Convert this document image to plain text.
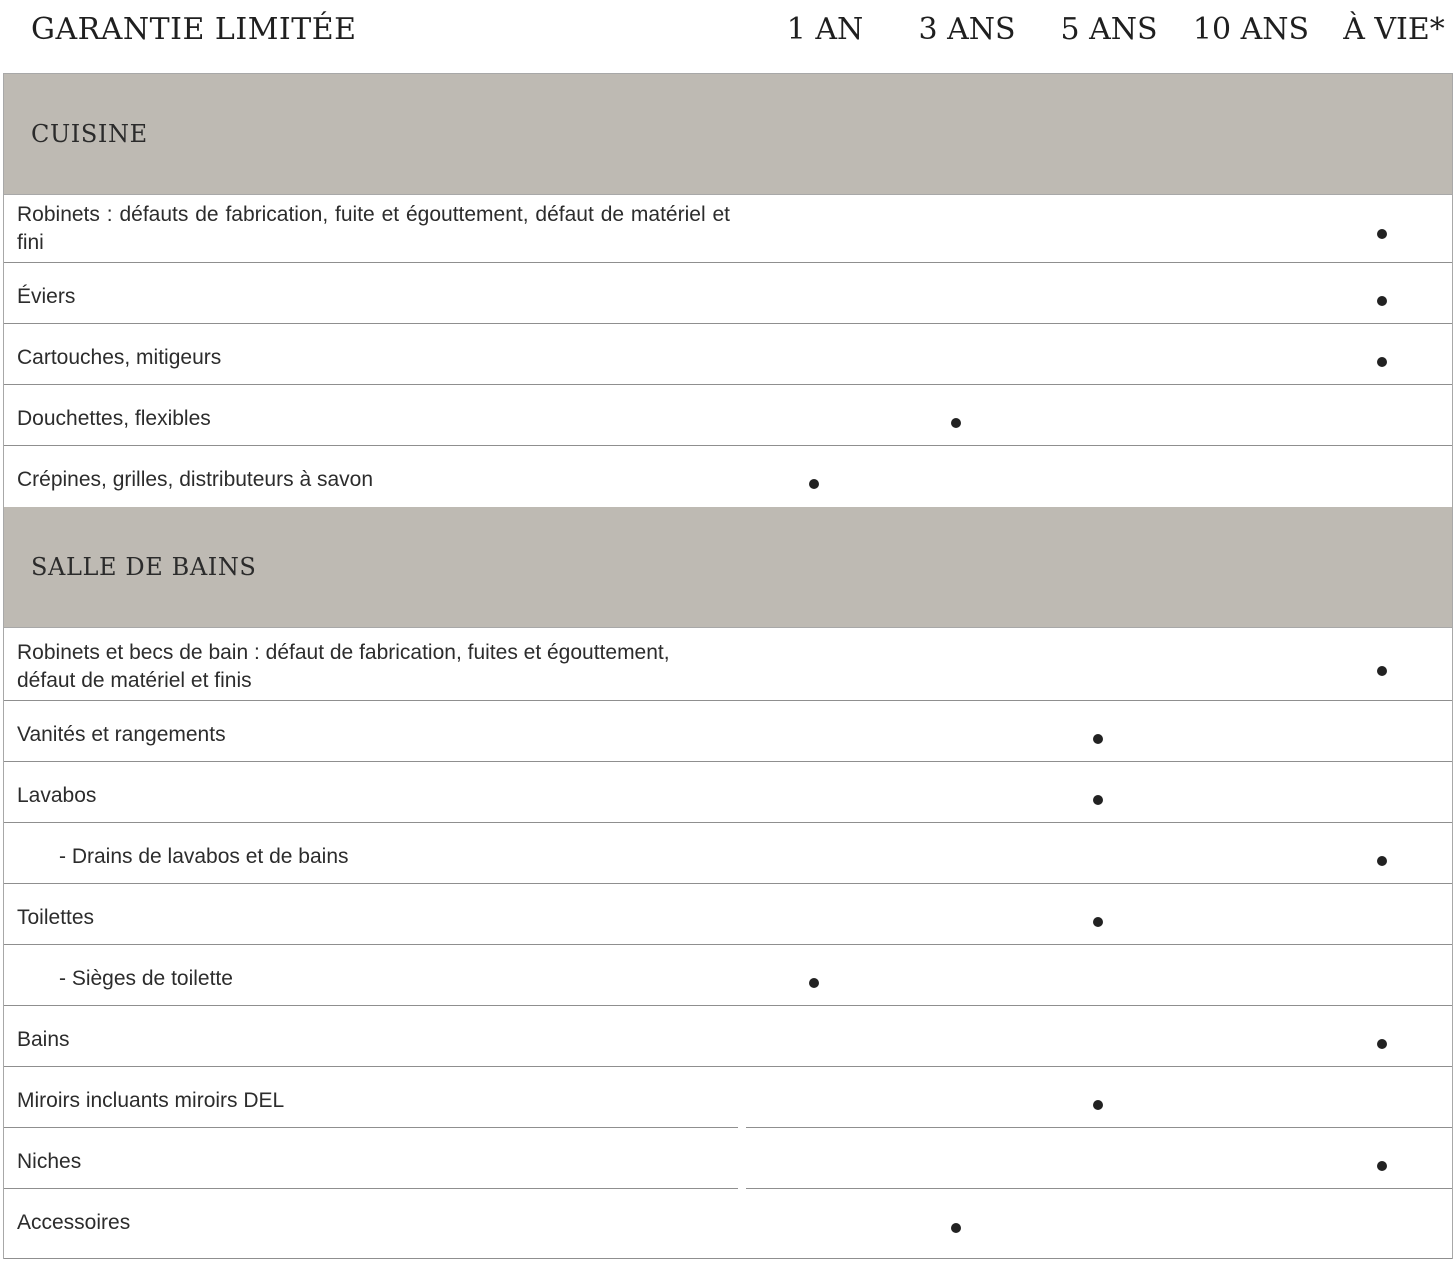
GARANTIE LIMITÉE	1 AN 3 ANS 5 ANS 10 ANS À VIE*
CUISINE
Robinets : défauts de fabrication, fuite et égouttement, défaut de matériel et fini
Éviers
Cartouches, mitigeurs
Douchettes, flexibles
Crépines, grilles, distributeurs à savon
SALLE DE BAINS
Robinets et becs de bain : défaut de fabrication, fuites et égouttement, défaut de matériel et finis
Vanités et rangements
Lavabos
- Drains de lavabos et de bains
Toilettes
- Sièges de toilette
Bains
Miroirs incluants miroirs DEL
Niches
Accessoires
